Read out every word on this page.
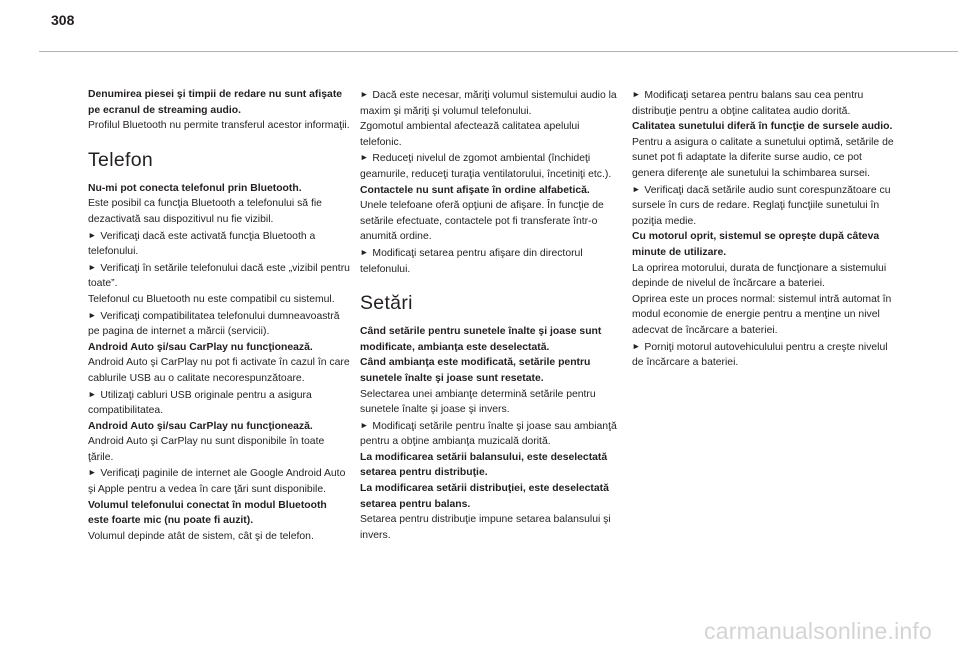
308

Denumirea piesei şi timpii de redare nu sunt afişate pe ecranul de streaming audio.

Profilul Bluetooth nu permite transferul acestor informaţii.

Telefon

Nu-mi pot conecta telefonul prin Bluetooth.

Este posibil ca funcţia Bluetooth a telefonului să fie dezactivată sau dispozitivul nu fie vizibil.

► Verificaţi dacă este activată funcţia Bluetooth a telefonului.

► Verificaţi în setările telefonului dacă este „vizibil pentru toate”.

Telefonul cu Bluetooth nu este compatibil cu sistemul.

► Verificaţi compatibilitatea telefonului dumneavoastră pe pagina de internet a mărcii (servicii).

Android Auto şi/sau CarPlay nu funcţionează.

Android Auto şi CarPlay nu pot fi activate în cazul în care cablurile USB au o calitate necorespunzătoare.

► Utilizaţi cabluri USB originale pentru a asigura compatibilitatea.

Android Auto şi/sau CarPlay nu funcţionează.

Android Auto şi CarPlay nu sunt disponibile în toate ţările.

► Verificaţi paginile de internet ale Google Android Auto şi Apple pentru a vedea în care ţări sunt disponibile.

Volumul telefonului conectat în modul Bluetooth este foarte mic (nu poate fi auzit).

Volumul depinde atât de sistem, cât şi de telefon.

► Dacă este necesar, măriţi volumul sistemului audio la maxim şi măriţi şi volumul telefonului.

Zgomotul ambiental afectează calitatea apelului telefonic.

► Reduceţi nivelul de zgomot ambiental (închideţi geamurile, reduceţi turaţia ventilatorului, încetiniţi etc.).

Contactele nu sunt afişate în ordine alfabetică.

Unele telefoane oferă opţiuni de afişare. În funcţie de setările efectuate, contactele pot fi transferate într-o anumită ordine.

► Modificaţi setarea pentru afişare din directorul telefonului.

Setări

Când setările pentru sunetele înalte şi joase sunt modificate, ambianţa este deselectată.

Când ambianţa este modificată, setările pentru sunetele înalte şi joase sunt resetate.

Selectarea unei ambianţe determină setările pentru sunetele înalte şi joase şi invers.

► Modificaţi setările pentru înalte şi joase sau ambianţă pentru a obţine ambianţa muzicală dorită.

La modificarea setării balansului, este deselectată setarea pentru distribuţie.

La modificarea setării distribuţiei, este deselectată setarea pentru balans.

Setarea pentru distribuţie impune setarea balansului şi invers.

► Modificaţi setarea pentru balans sau cea pentru distribuţie pentru a obţine calitatea audio dorită.

Calitatea sunetului diferă în funcţie de sursele audio.

Pentru a asigura o calitate a sunetului optimă, setările de sunet pot fi adaptate la diferite surse audio, ce pot genera diferenţe ale sunetului la schimbarea sursei.

► Verificaţi dacă setările audio sunt corespunzătoare cu sursele în curs de redare. Reglaţi funcţiile sunetului în poziţia medie.

Cu motorul oprit, sistemul se opreşte după câteva minute de utilizare.

La oprirea motorului, durata de funcţionare a sistemului depinde de nivelul de încărcare a bateriei.

Oprirea este un proces normal: sistemul intră automat în modul economie de energie pentru a menţine un nivel adecvat de încărcare a bateriei.

► Porniţi motorul autovehiculului pentru a creşte nivelul de încărcare a bateriei.

carmanualsonline.info
